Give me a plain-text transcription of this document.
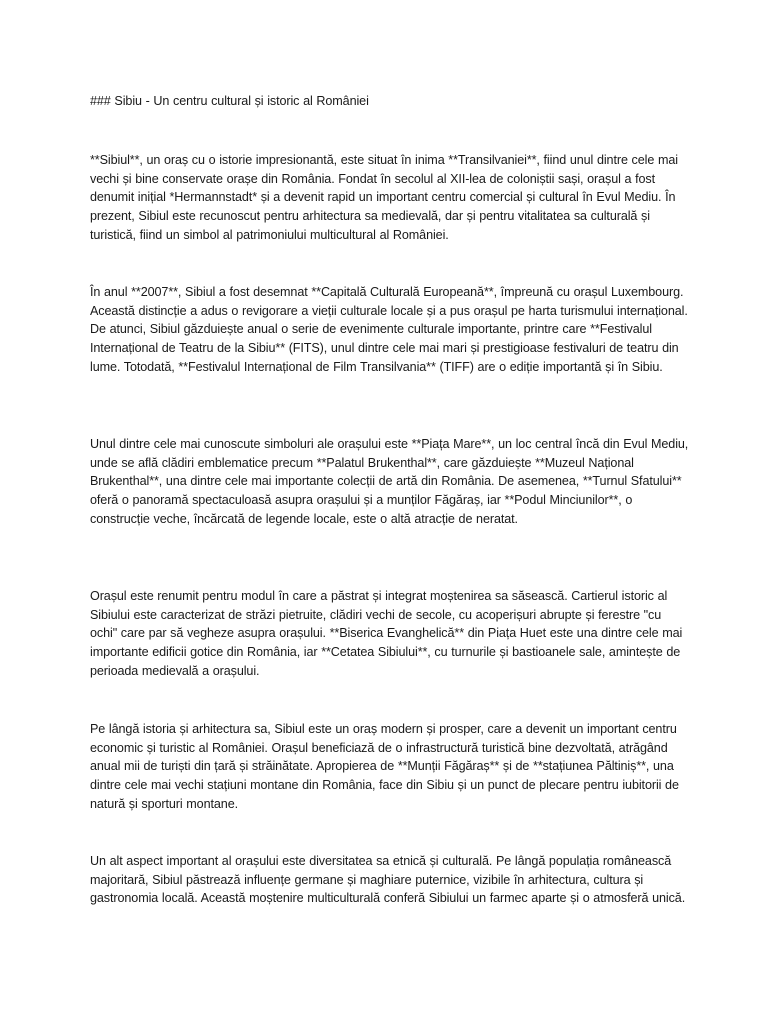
### Sibiu - Un centru cultural și istoric al României

**Sibiul**, un oraș cu o istorie impresionantă, este situat în inima **Transilvaniei**, fiind unul dintre cele mai vechi și bine conservate orașe din România. Fondat în secolul al XII-lea de coloniștii sași, orașul a fost denumit inițial *Hermannstadt* și a devenit rapid un important centru comercial și cultural în Evul Mediu. În prezent, Sibiul este recunoscut pentru arhitectura sa medievală, dar și pentru vitalitatea sa culturală și turistică, fiind un simbol al patrimoniului multicultural al României.

În anul **2007**, Sibiul a fost desemnat **Capitală Culturală Europeană**, împreună cu orașul Luxembourg. Această distincție a adus o revigorare a vieții culturale locale și a pus orașul pe harta turismului internațional. De atunci, Sibiul găzduiește anual o serie de evenimente culturale importante, printre care **Festivalul Internațional de Teatru de la Sibiu** (FITS), unul dintre cele mai mari și prestigioase festivaluri de teatru din lume. Totodată, **Festivalul Internațional de Film Transilvania** (TIFF) are o ediție importantă și în Sibiu.

Unul dintre cele mai cunoscute simboluri ale orașului este **Piața Mare**, un loc central încă din Evul Mediu, unde se află clădiri emblematice precum **Palatul Brukenthal**, care găzduiește **Muzeul Național Brukenthal**, una dintre cele mai importante colecții de artă din România. De asemenea, **Turnul Sfatului** oferă o panoramă spectaculoasă asupra orașului și a munților Făgăraș, iar **Podul Minciunilor**, o construcție veche, încărcată de legende locale, este o altă atracție de neratat.

Orașul este renumit pentru modul în care a păstrat și integrat moștenirea sa săsească. Cartierul istoric al Sibiului este caracterizat de străzi pietruite, clădiri vechi de secole, cu acoperișuri abrupte și ferestre "cu ochi" care par să vegheze asupra orașului. **Biserica Evanghelică** din Piața Huet este una dintre cele mai importante edificii gotice din România, iar **Cetatea Sibiului**, cu turnurile și bastioanele sale, amintește de perioada medievală a orașului.

Pe lângă istoria și arhitectura sa, Sibiul este un oraș modern și prosper, care a devenit un important centru economic și turistic al României. Orașul beneficiază de o infrastructură turistică bine dezvoltată, atrăgând anual mii de turiști din țară și străinătate. Apropierea de **Munții Făgăraș** și de **stațiunea Păltiniș**, una dintre cele mai vechi stațiuni montane din România, face din Sibiu și un punct de plecare pentru iubitorii de natură și sporturi montane.

Un alt aspect important al orașului este diversitatea sa etnică și culturală. Pe lângă populația românească majoritară, Sibiul păstrează influențe germane și maghiare puternice, vizibile în arhitectura, cultura și gastronomia locală. Această moștenire multiculturală conferă Sibiului un farmec aparte și o atmosferă unică.
